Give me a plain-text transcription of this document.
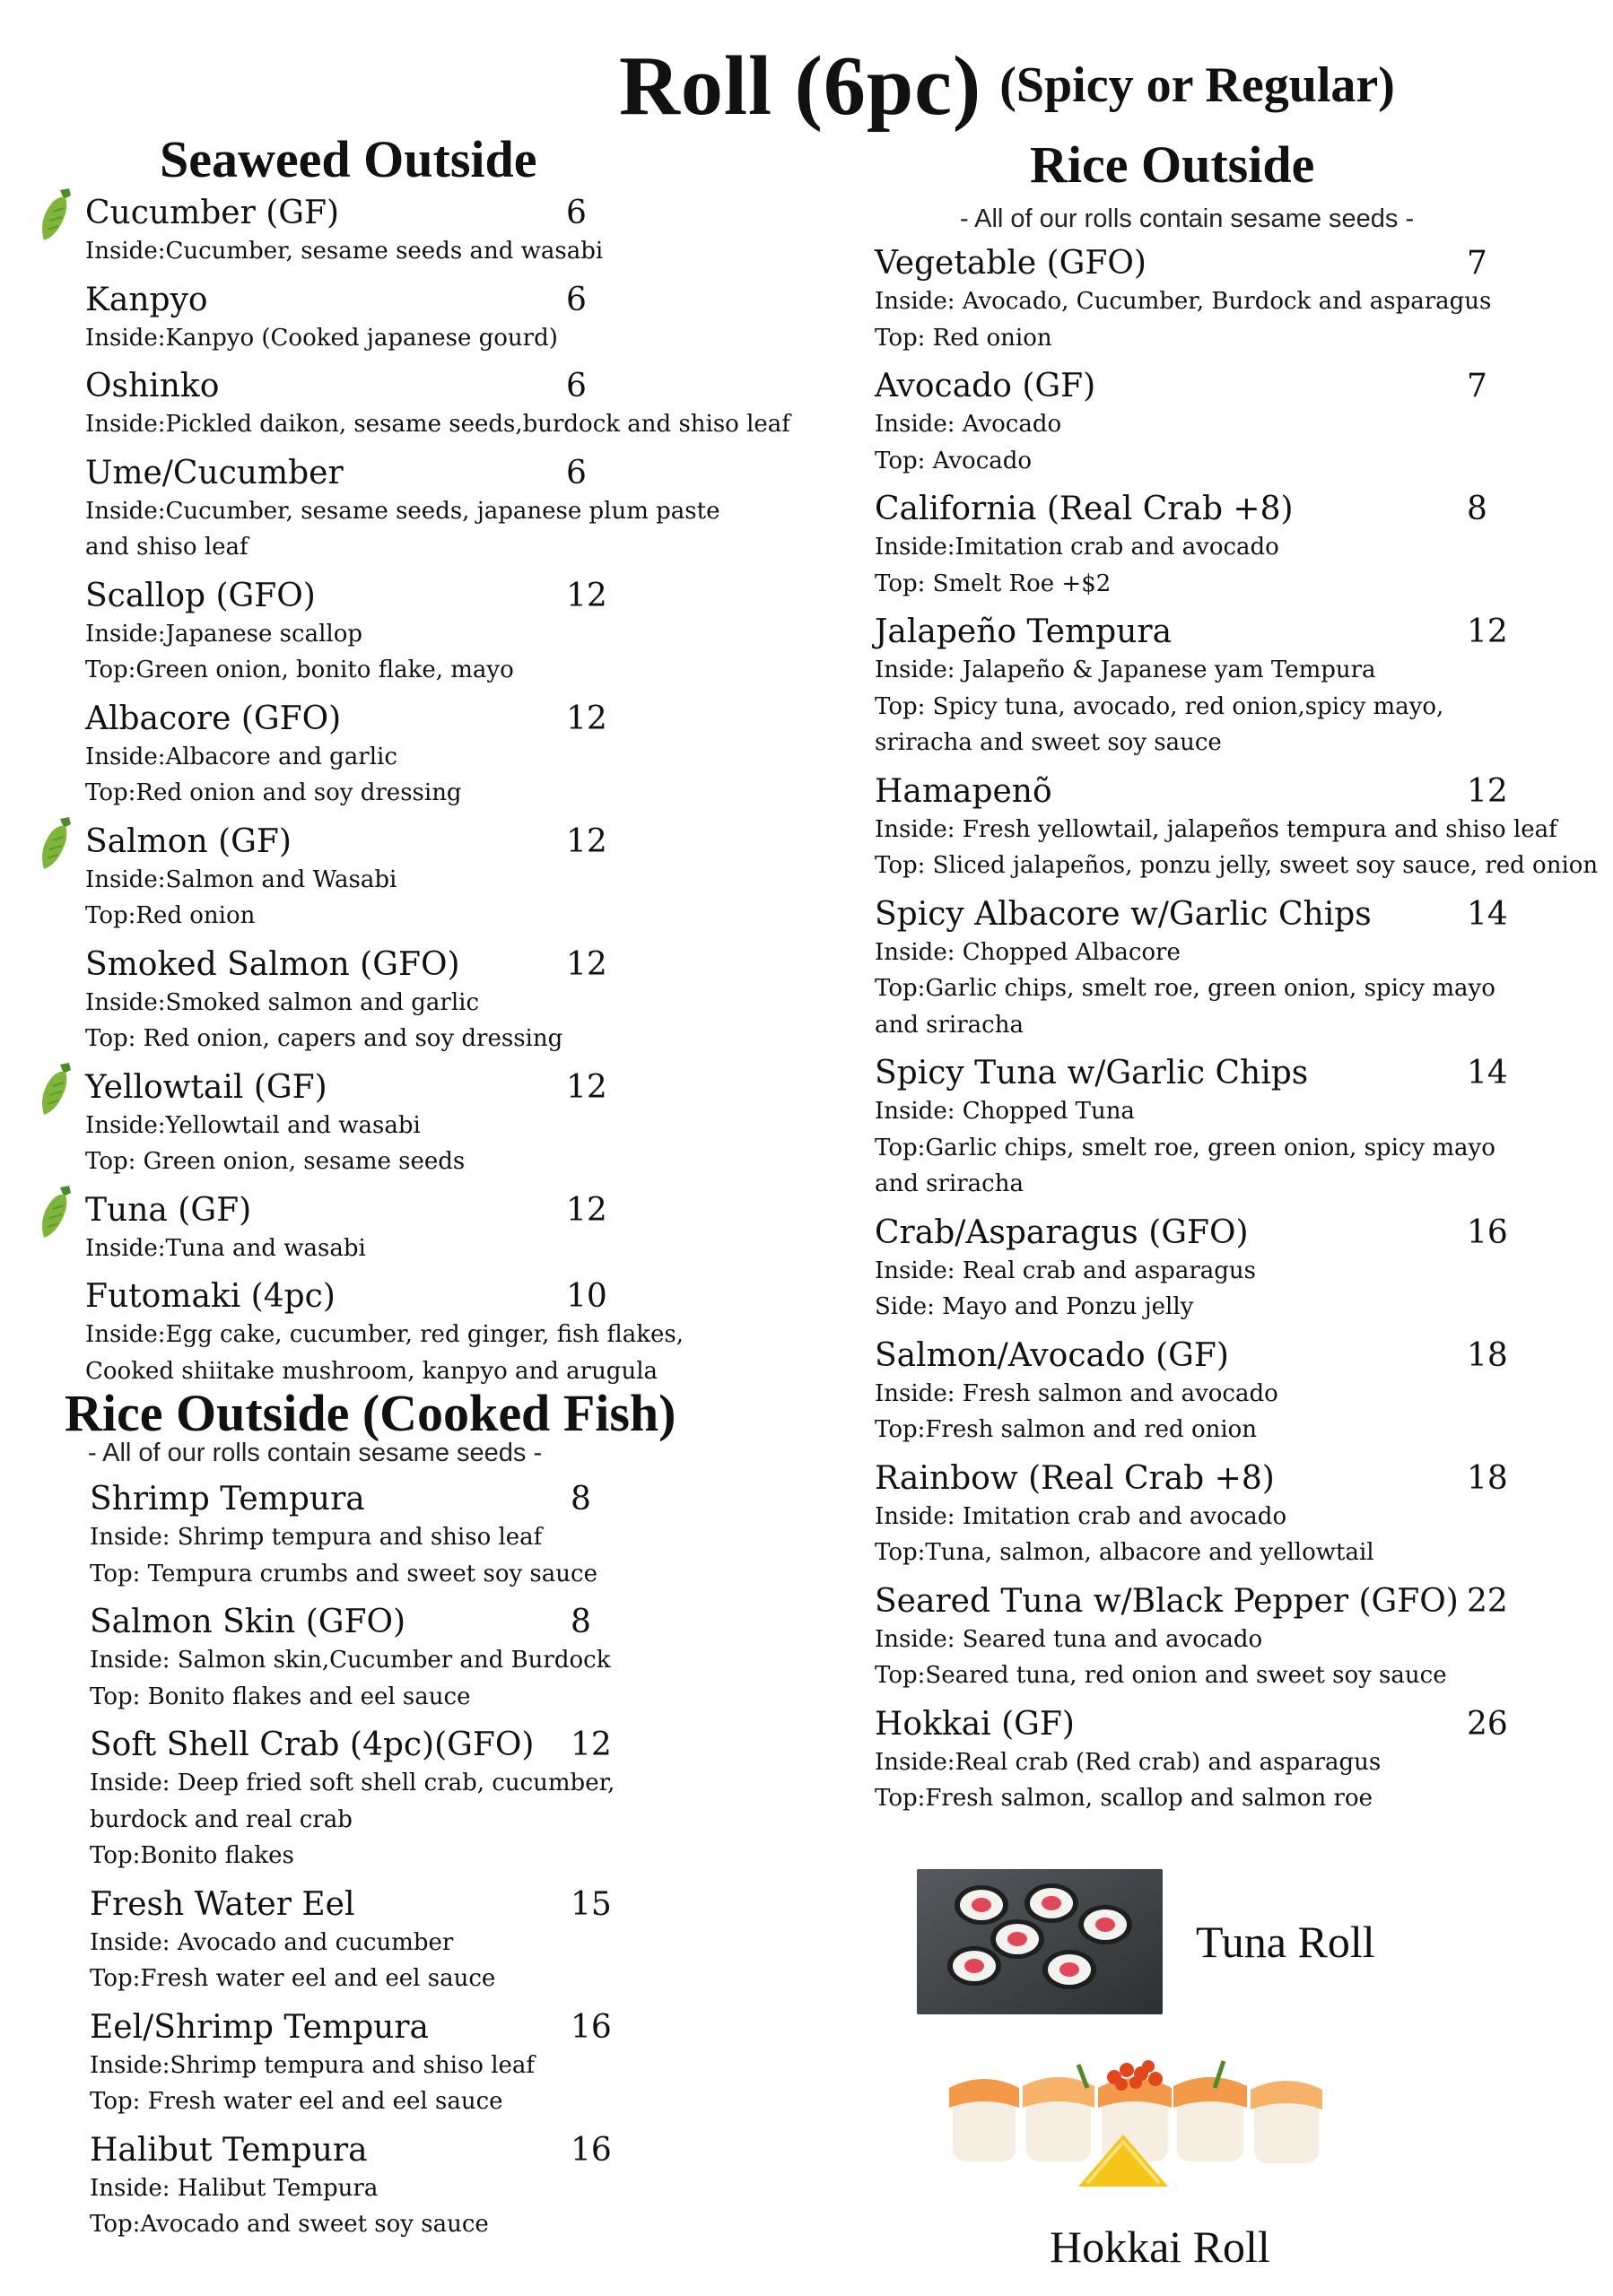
Roll (6pc) (Spicy or Regular)
Seaweed Outside
Cucumber (GF)	6
Inside:Cucumber, sesame seeds and wasabi
Kanpyo	6
Inside:Kanpyo (Cooked japanese gourd)
Oshinko	6
Inside:Pickled daikon, sesame seeds,burdock and shiso leaf
Ume/Cucumber	6
Inside:Cucumber, sesame seeds, japanese plum paste
and shiso leaf
Scallop (GFO)	12
Inside:Japanese scallop
Top:Green onion, bonito flake, mayo
Albacore (GFO)	12
Inside:Albacore and garlic
Top:Red onion and soy dressing
Salmon (GF)	12
Inside:Salmon and Wasabi
Top:Red onion
Smoked Salmon (GFO)	12
Inside:Smoked salmon and garlic
Top: Red onion, capers and soy dressing
Yellowtail (GF)	12
Inside:Yellowtail and wasabi
Top: Green onion, sesame seeds
Tuna (GF)	12
Inside:Tuna and wasabi
Futomaki (4pc)	10
Inside:Egg cake, cucumber, red ginger, fish flakes,
Cooked shiitake mushroom, kanpyo and arugula
Rice Outside (Cooked Fish)
- All of our rolls contain sesame seeds -
Shrimp Tempura	8
Inside: Shrimp tempura and shiso leaf
Top: Tempura crumbs and sweet soy sauce
Salmon Skin (GFO)	8
Inside: Salmon skin,Cucumber and Burdock
Top: Bonito flakes and eel sauce
Soft Shell Crab (4pc)(GFO) 12
Inside: Deep fried soft shell crab, cucumber,
burdock and real crab
Top:Bonito flakes
Fresh Water Eel	15
Inside: Avocado and cucumber
Top:Fresh water eel and eel sauce
Eel/Shrimp Tempura	16
Inside:Shrimp tempura and shiso leaf
Top: Fresh water eel and eel sauce
Halibut Tempura	16
Inside: Halibut Tempura
Top:Avocado and sweet soy sauce
Rice Outside
- All of our rolls contain sesame seeds -
Vegetable (GFO)	7
Inside: Avocado, Cucumber, Burdock and asparagus
Top: Red onion
Avocado (GF)	7
Inside: Avocado
Top: Avocado
California (Real Crab +8)	8
Inside:Imitation crab and avocado
Top: Smelt Roe +$2
Jalapeño Tempura	12
Inside: Jalapeño & Japanese yam Tempura
Top: Spicy tuna, avocado, red onion,spicy mayo,
sriracha and sweet soy sauce
Hamapenõ	12
Inside: Fresh yellowtail, jalapeños tempura and shiso leaf
Top: Sliced jalapeños, ponzu jelly, sweet soy sauce, red onion
Spicy Albacore w/Garlic Chips	14
Inside: Chopped Albacore
Top:Garlic chips, smelt roe, green onion, spicy mayo
and sriracha
Spicy Tuna w/Garlic Chips	14
Inside: Chopped Tuna
Top:Garlic chips, smelt roe, green onion, spicy mayo
and sriracha
Crab/Asparagus (GFO)	16
Inside: Real crab and asparagus
Side: Mayo and Ponzu jelly
Salmon/Avocado (GF)	18
Inside: Fresh salmon and avocado
Top:Fresh salmon and red onion
Rainbow (Real Crab +8)	18
Inside: Imitation crab and avocado
Top:Tuna, salmon, albacore and yellowtail
Seared Tuna w/Black Pepper (GFO) 22
Inside: Seared tuna and avocado
Top:Seared tuna, red onion and sweet soy sauce
Hokkai (GF)	26
Inside:Real crab (Red crab) and asparagus
Top:Fresh salmon, scallop and salmon roe
Tuna Roll
Hokkai Roll
